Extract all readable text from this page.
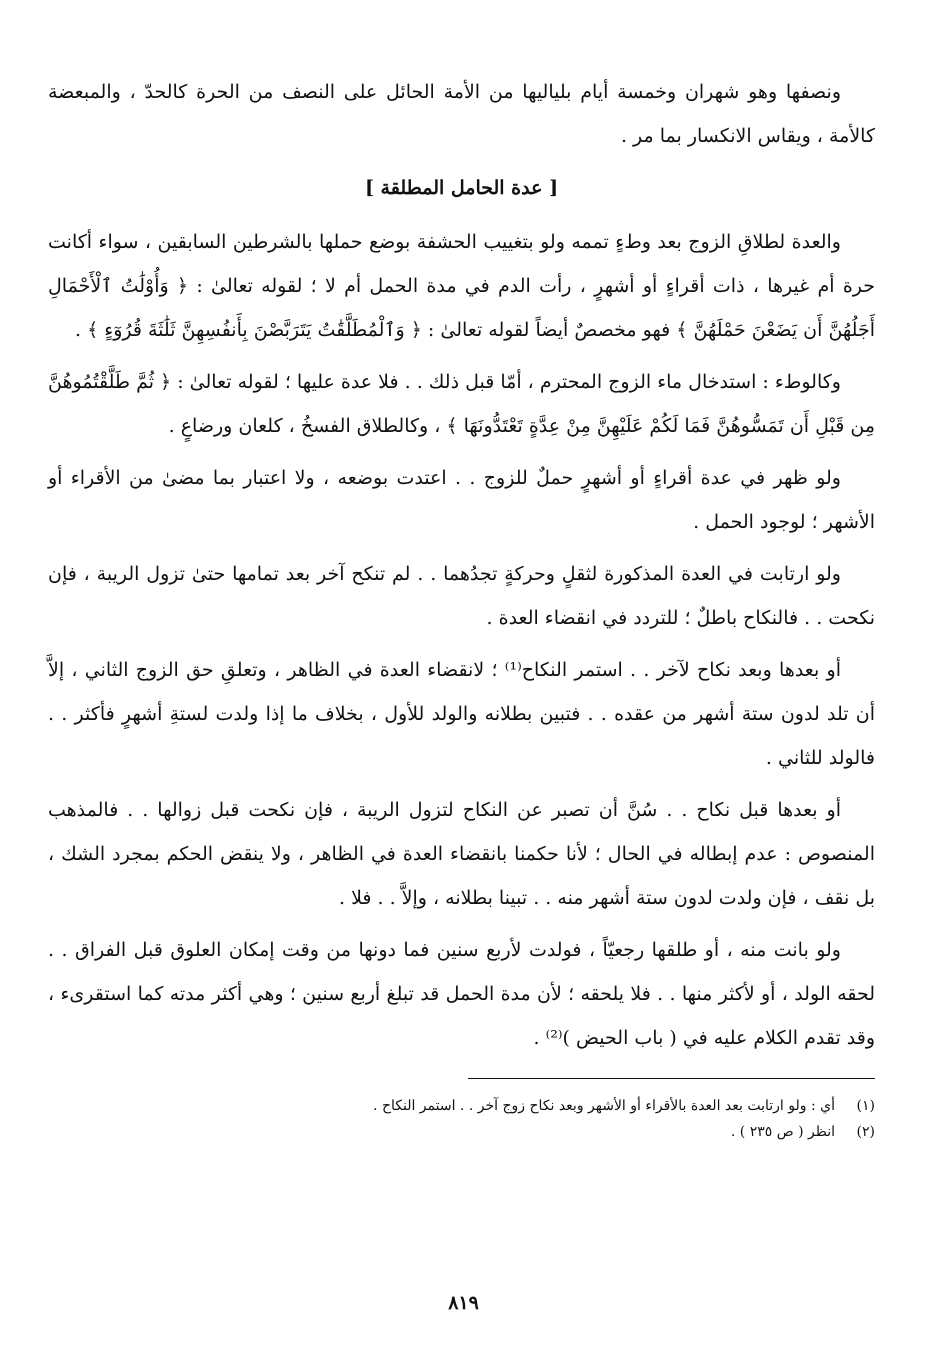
ونصفها وهو شهران وخمسة أيام بلياليها من الأمة الحائل على النصف من الحرة كالحدّ ، والمبعضة كالأمة ، ويقاس الانكسار بما مر .

[ عدة الحامل المطلقة ]

والعدة لطلاقِ الزوج بعد وطءٍ تممه ولو بتغييب الحشفة بوضع حملها بالشرطين السابقين ، سواء أكانت حرة أم غيرها ، ذات أقراءٍ أو أشهرٍ ، رأت الدم في مدة الحمل أم لا ؛ لقوله تعالىٰ : ﴿ وَأُوْلَٰتُ ٱلْأَحْمَالِ أَجَلُهُنَّ أَن يَضَعْنَ حَمْلَهُنَّ ﴾ فهو مخصصٌ أيضاً لقوله تعالىٰ : ﴿ وَٱلْمُطَلَّقَٰتُ يَتَرَبَّصْنَ بِأَنفُسِهِنَّ ثَلَٰثَةَ قُرُوٓءٍ ﴾ .

وكالوطء : استدخال ماء الزوج المحترم ، أمّا قبل ذلك . . فلا عدة عليها ؛ لقوله تعالىٰ : ﴿ ثُمَّ طَلَّقْتُمُوهُنَّ مِن قَبْلِ أَن تَمَسُّوهُنَّ فَمَا لَكُمْ عَلَيْهِنَّ مِنْ عِدَّةٍ تَعْتَدُّونَهَا ﴾ ، وكالطلاق الفسخُ ، كلعان ورضاعٍ .

ولو ظهر في عدة أقراءٍ أو أشهرٍ حملٌ للزوج . . اعتدت بوضعه ، ولا اعتبار بما مضىٰ من الأقراء أو الأشهر ؛ لوجود الحمل .

ولو ارتابت في العدة المذكورة لثقلٍ وحركةٍ تجدُهما . . لم تنكح آخر بعد تمامها حتىٰ تزول الريبة ، فإن نكحت . . فالنكاح باطلٌ ؛ للتردد في انقضاء العدة .

أو بعدها وبعد نكاح لآخر . . استمر النكاح⁽¹⁾ ؛ لانقضاء العدة في الظاهر ، وتعلقِ حق الزوج الثاني ، إلاَّ أن تلد لدون ستة أشهر من عقده . . فتبين بطلانه والولد للأول ، بخلاف ما إذا ولدت لستةِ أشهرٍ فأكثر . . فالولد للثاني .

أو بعدها قبل نكاح . . سُنَّ أن تصبر عن النكاح لتزول الريبة ، فإن نكحت قبل زوالها . . فالمذهب المنصوص : عدم إبطاله في الحال ؛ لأنا حكمنا بانقضاء العدة في الظاهر ، ولا ينقض الحكم بمجرد الشك ، بل نقف ، فإن ولدت لدون ستة أشهر منه . . تبينا بطلانه ، وإلاَّ . . فلا .

ولو بانت منه ، أو طلقها رجعيّاً ، فولدت لأربع سنين فما دونها من وقت إمكان العلوق قبل الفراق . . لحقه الولد ، أو لأكثر منها . . فلا يلحقه ؛ لأن مدة الحمل قد تبلغ أربع سنين ؛ وهي أكثر مدته كما استقرىء ، وقد تقدم الكلام عليه في ( باب الحيض )⁽²⁾ .

(١)
أي : ولو ارتابت بعد العدة بالأقراء أو الأشهر وبعد نكاح زوج آخر . . استمر النكاح .
(٢)
انظر ( ص ٢٣٥ ) .
٨١٩
